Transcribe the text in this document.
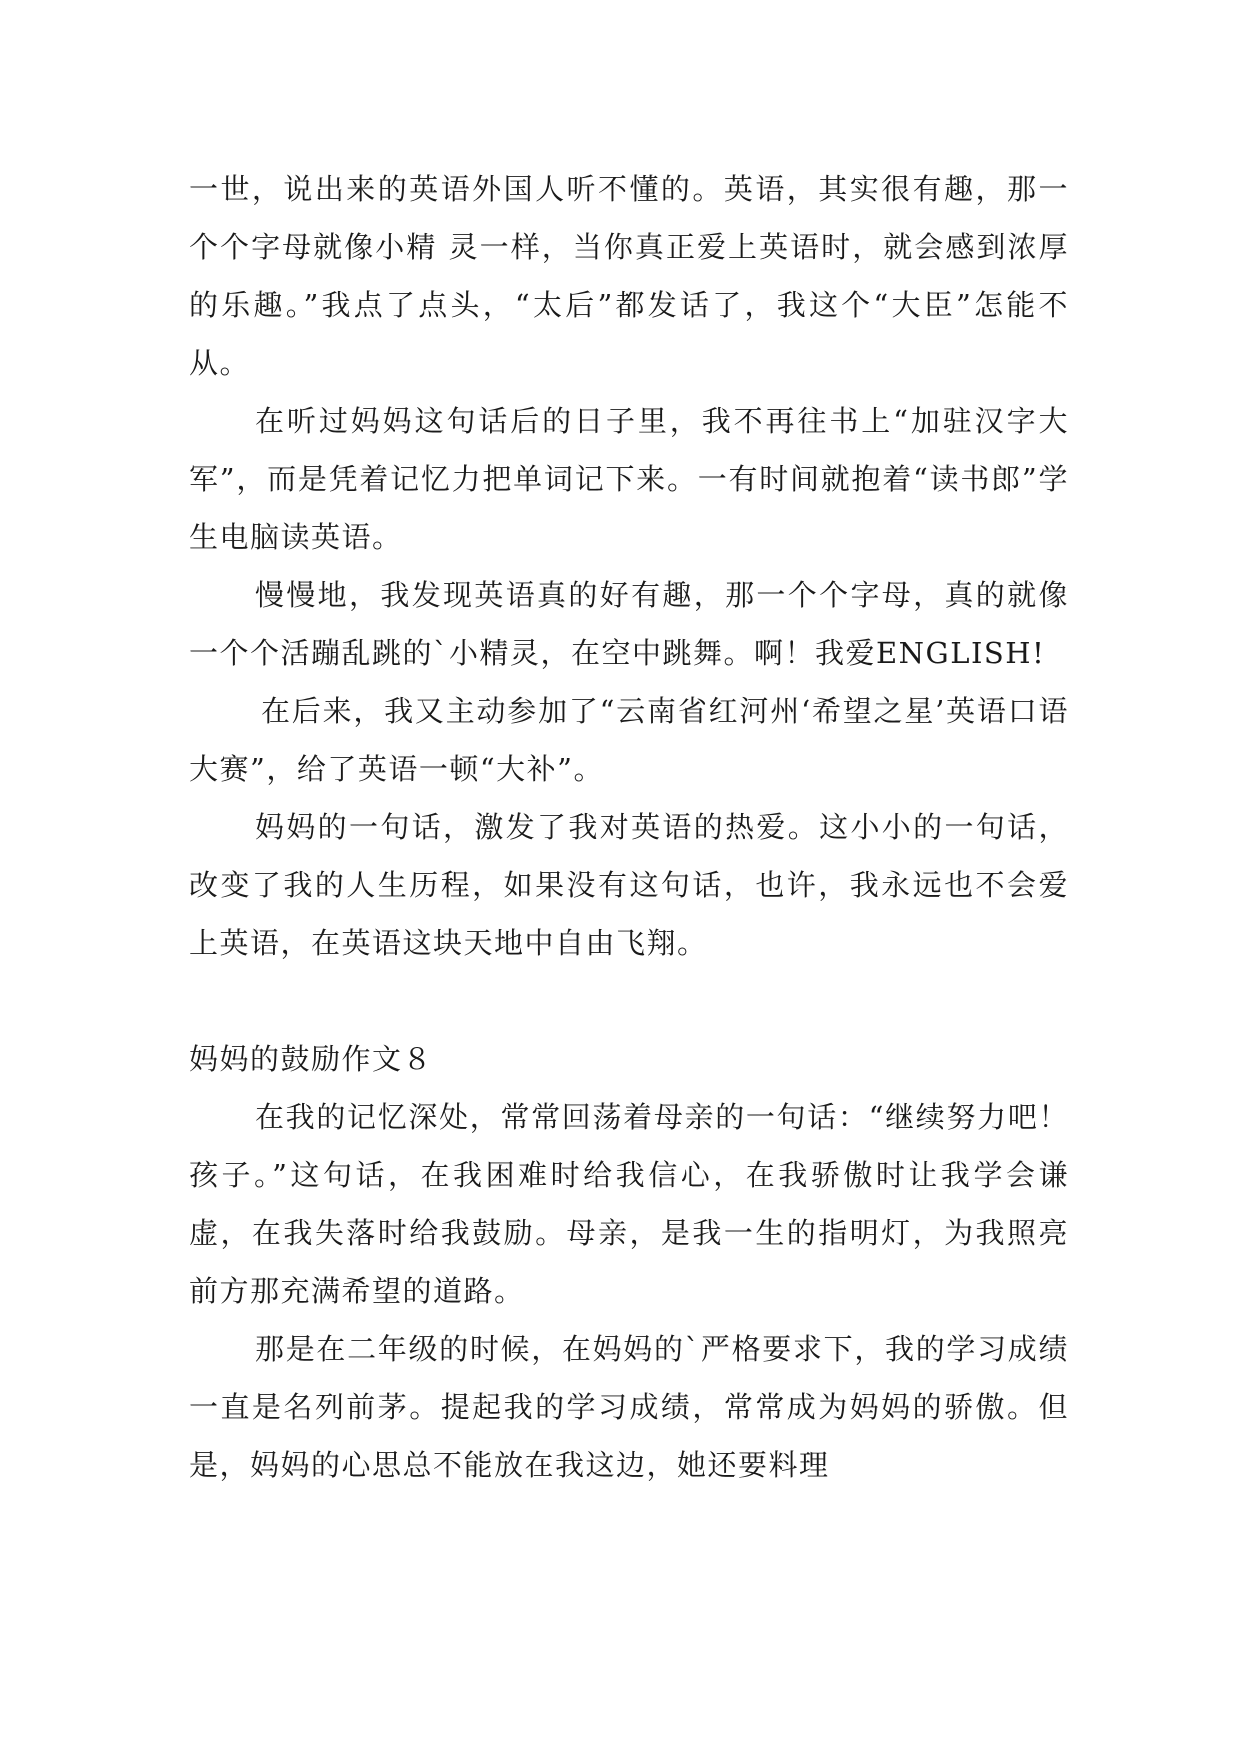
一世，说出来的英语外国人听不懂的。英语，其实很有趣，那一个个字母就像小精 灵一样，当你真正爱上英语时，就会感到浓厚的乐趣。”我点了点头，“太后”都发话了，我这个“大臣”怎能不从。

在听过妈妈这句话后的日子里，我不再往书上“加驻汉字大军”，而是凭着记忆力把单词记下来。一有时间就抱着“读书郎”学生电脑读英语。

慢慢地，我发现英语真的好有趣，那一个个字母，真的就像一个个活蹦乱跳的`小精灵，在空中跳舞。啊！我爱ENGLISH!

在后来，我又主动参加了“云南省红河州‘希望之星’英语口语大赛”，给了英语一顿“大补”。

妈妈的一句话，激发了我对英语的热爱。这小小的一句话，改变了我的人生历程，如果没有这句话，也许，我永远也不会爱上英语，在英语这块天地中自由飞翔。

妈妈的鼓励作文８

在我的记忆深处，常常回荡着母亲的一句话：“继续努力吧！孩子。”这句话，在我困难时给我信心，在我骄傲时让我学会谦虚，在我失落时给我鼓励。母亲，是我一生的指明灯，为我照亮前方那充满希望的道路。

那是在二年级的时候，在妈妈的`严格要求下，我的学习成绩一直是名列前茅。提起我的学习成绩，常常成为妈妈的骄傲。但是，妈妈的心思总不能放在我这边，她还要料理
